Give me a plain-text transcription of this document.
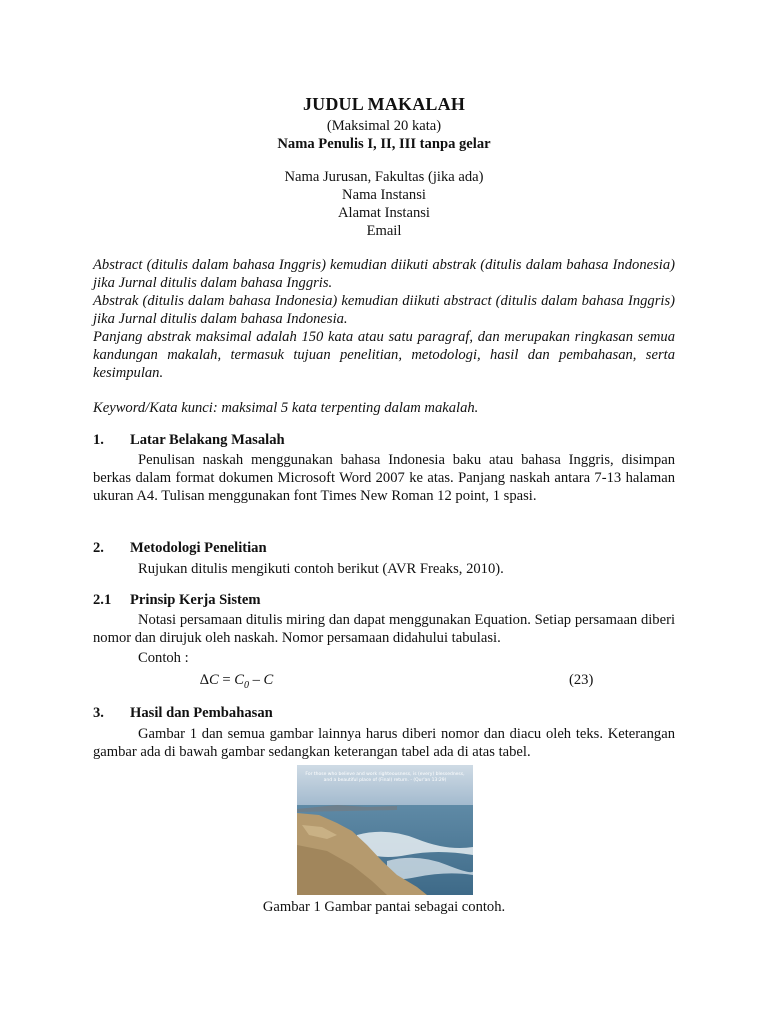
JUDUL MAKALAH
(Maksimal 20 kata)
Nama Penulis I, II, III tanpa gelar
Nama Jurusan, Fakultas (jika ada)
Nama Instansi
Alamat Instansi
Email

Abstract (ditulis dalam bahasa Inggris) kemudian diikuti abstrak (ditulis dalam bahasa Indonesia) jika Jurnal ditulis dalam bahasa Inggris.

Abstrak (ditulis dalam bahasa Indonesia) kemudian diikuti abstract (ditulis dalam bahasa Inggris) jika Jurnal ditulis dalam bahasa Indonesia.

Panjang abstrak maksimal adalah 150 kata atau satu paragraf, dan merupakan ringkasan semua kandungan makalah, termasuk tujuan penelitian, metodologi, hasil dan pembahasan, serta kesimpulan.

Keyword/Kata kunci: maksimal 5 kata terpenting dalam makalah.

1. Latar Belakang Masalah

Penulisan naskah menggunakan bahasa Indonesia baku atau bahasa Inggris, disimpan berkas dalam format dokumen Microsoft Word 2007 ke atas. Panjang naskah antara 7-13 halaman ukuran A4. Tulisan menggunakan font Times New Roman 12 point, 1 spasi.

2. Metodologi Penelitian

Rujukan ditulis mengikuti contoh berikut (AVR Freaks, 2010).

2.1 Prinsip Kerja Sistem

Notasi persamaan ditulis miring dan dapat menggunakan Equation. Setiap persamaan diberi nomor dan dirujuk oleh naskah. Nomor persamaan didahului tabulasi.

Contoh :
$\Delta C = C_0 - C$	(23)
3. Hasil dan Pembahasan

Gambar 1 dan semua gambar lainnya harus diberi nomor dan diacu oleh teks. Keterangan gambar ada di bawah gambar sedangkan keterangan tabel ada di atas tabel.

For those who believe and work righteousness, is (every) blessedness,
and a beautiful place of (Final) return. - (Qur'an 13:29)
Gambar 1 Gambar pantai sebagai contoh.
